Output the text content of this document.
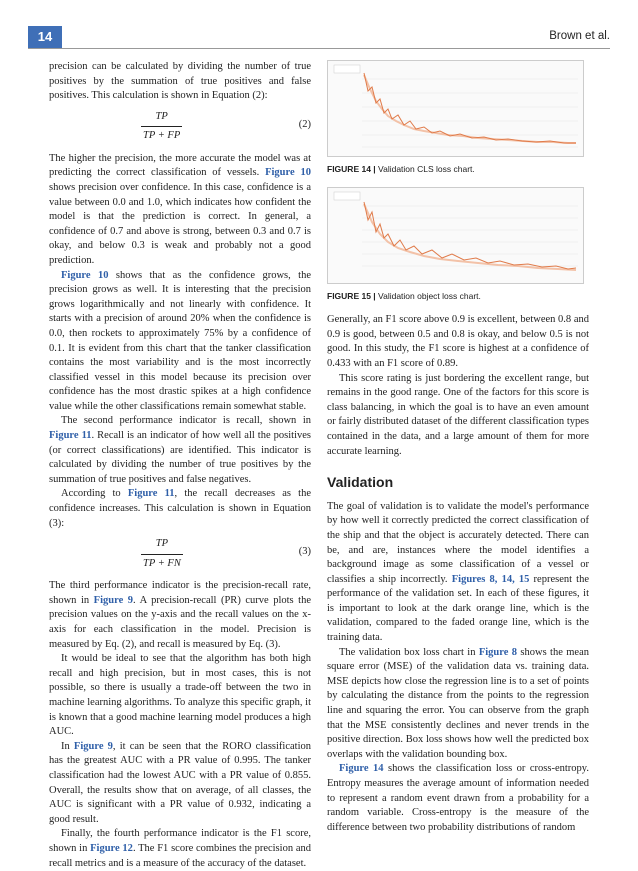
14	Brown et al.

precision can be calculated by dividing the number of true positives by the summation of true positives and false positives. This calculation is shown in Equation (2):

TP
TP + FP
(2)

The higher the precision, the more accurate the model was at predicting the correct classification of vessels. Figure 10 shows precision over confidence. In this case, confidence is a value between 0.0 and 1.0, which indicates how confident the model is that the prediction is correct. In general, a confidence of 0.7 and above is strong, between 0.3 and 0.7 is okay, and below 0.3 is weak and probably not a good prediction.

Figure 10 shows that as the confidence grows, the precision grows as well. It is interesting that the precision grows logarithmically and not linearly with confidence. It starts with a precision of around 20% when the confidence is 0.0, then rockets to approximately 75% by a confidence of 0.1. It is evident from this chart that the tanker classification contains the most variability and is the most incorrectly classified vessel in this model because its precision over confidence has the most drastic spikes at a high confidence value while the other classifications remain somewhat stable.

The second performance indicator is recall, shown in Figure 11. Recall is an indicator of how well all the positives (or correct classifications) are identified. This indicator is calculated by dividing the number of true positives by the summation of true positives and false negatives.

According to Figure 11, the recall decreases as the confidence increases. This calculation is shown in Equation (3):

TP
TP + FN
(3)

The third performance indicator is the precision-recall rate, shown in Figure 9. A precision-recall (PR) curve plots the precision values on the y-axis and the recall values on the x-axis for each classification in the model. Precision is measured by Eq. (2), and recall is measured by Eq. (3).

It would be ideal to see that the algorithm has both high recall and high precision, but in most cases, this is not possible, so there is usually a trade-off between the two in machine learning algorithms. To analyze this specific graph, it is known that a good machine learning model produces a high AUC.

In Figure 9, it can be seen that the RORO classification has the greatest AUC with a PR value of 0.995. The tanker classification had the lowest AUC with a PR value of 0.855. Overall, the results show that on average, of all classes, the AUC is significant with a PR value of 0.932, indicating a good result.

Finally, the fourth performance indicator is the F1 score, shown in Figure 12. The F1 score combines the precision and recall metrics and is a measure of the accuracy of the dataset.

FIGURE 14 | Validation CLS loss chart.
FIGURE 15 | Validation object loss chart.

Generally, an F1 score above 0.9 is excellent, between 0.8 and 0.9 is good, between 0.5 and 0.8 is okay, and below 0.5 is not good. In this study, the F1 score is highest at a confidence of 0.433 with an F1 score of 0.89.

This score rating is just bordering the excellent range, but remains in the good range. One of the factors for this score is class balancing, in which the goal is to have an even amount or fairly distributed dataset of the different classification types contained in the data, and a large amount of them for more accurate learning.

Validation

The goal of validation is to validate the model's performance by how well it correctly predicted the correct classification of the ship and that the object is accurately detected. There can be, and are, instances where the model identifies a background image as some classification of a vessel or classifies a ship incorrectly. Figures 8, 14, 15 represent the performance of the validation set. In each of these figures, it is important to look at the dark orange line, which is the validation, compared to the faded orange line, which is the training data.

The validation box loss chart in Figure 8 shows the mean square error (MSE) of the validation data vs. training data. MSE depicts how close the regression line is to a set of points by calculating the distance from the points to the regression line and squaring the error. You can observe from the graph that the MSE consistently declines and never trends in the positive direction. Box loss shows how well the predicted box overlaps with the validation bounding box.

Figure 14 shows the classification loss or cross-entropy. Entropy measures the average amount of information needed to represent a random event drawn from a probability for a random variable. Cross-entropy is the measure of the difference between two probability distributions of random
